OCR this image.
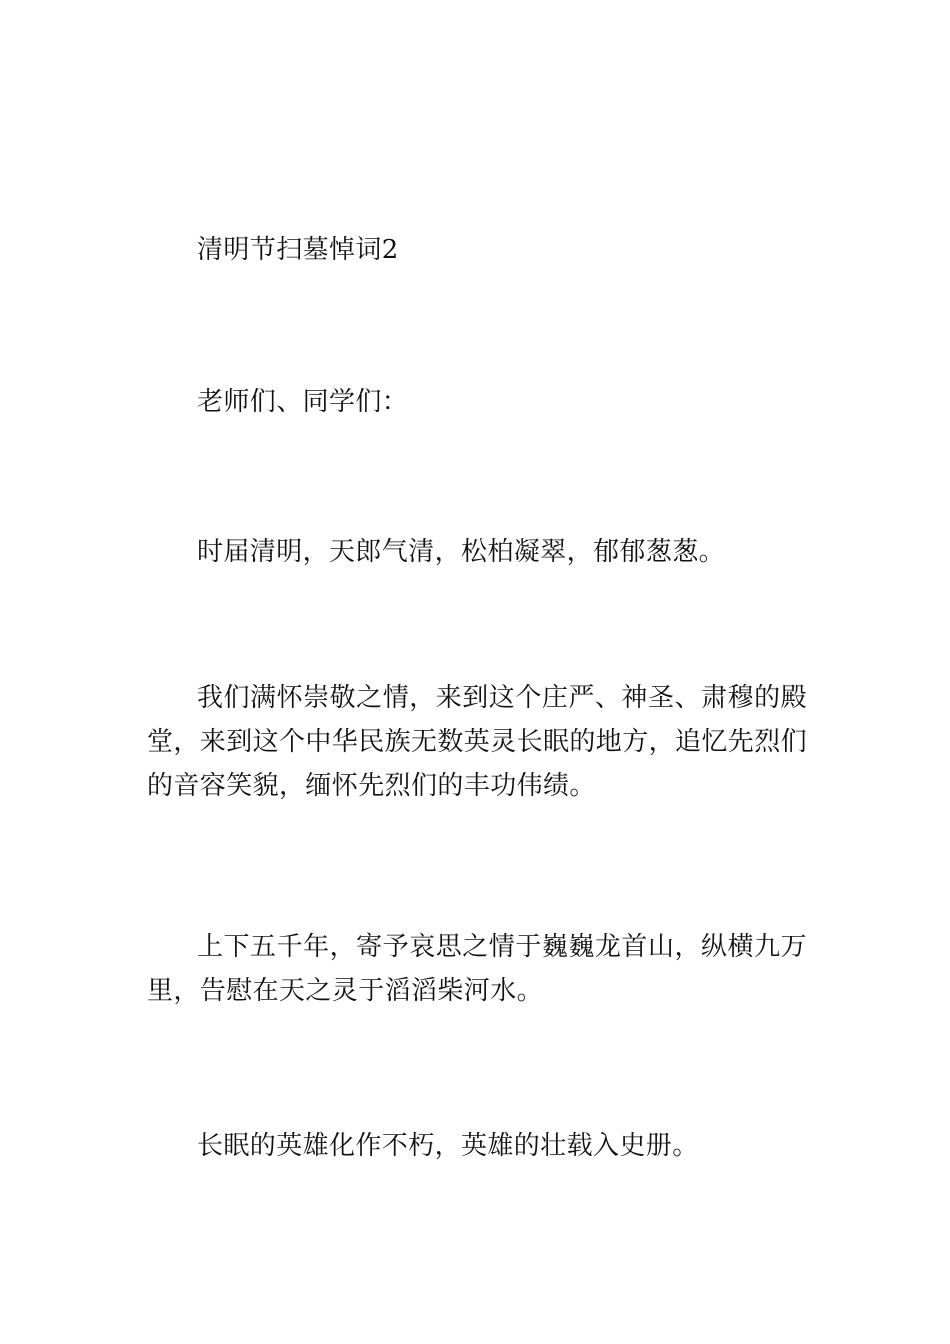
清明节扫墓悼词2

老师们、同学们：

时届清明，天郎气清，松柏凝翠，郁郁葱葱。

我们满怀崇敬之情，来到这个庄严、神圣、肃穆的殿堂，来到这个中华民族无数英灵长眠的地方，追忆先烈们的音容笑貌，缅怀先烈们的丰功伟绩。

上下五千年，寄予哀思之情于巍巍龙首山，纵横九万里，告慰在天之灵于滔滔柴河水。

长眠的英雄化作不朽，英雄的壮载入史册。
